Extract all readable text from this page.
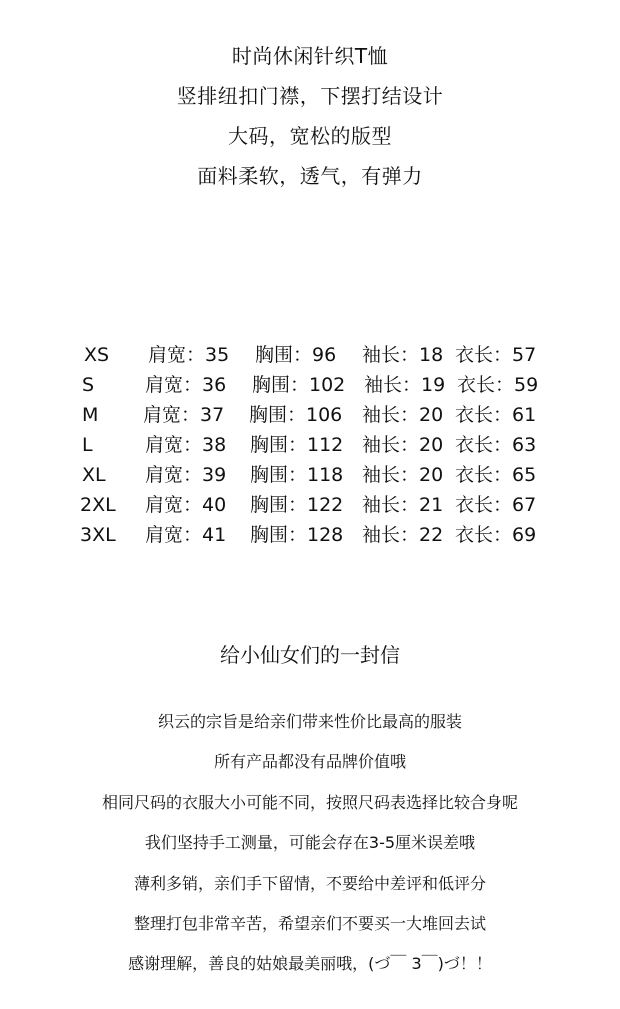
时尚休闲针织T恤
竖排纽扣门襟，下摆打结设计
大码，宽松的版型
面料柔软，透气，有弹力
XS 肩宽：35 胸围：96 袖长：18 衣长：57
S	肩宽：36 胸围：102 袖长：19 衣长：59
M 肩宽：37 胸围：106 袖长：20 衣长：61
L	肩宽：38 胸围：112 袖长：20 衣长：63
XL 肩宽：39 胸围：118 袖长：20 衣长：65
2XL 肩宽：40 胸围：122 袖长：21 衣长：67
3XL 肩宽：41 胸围：128 袖长：22 衣长：69
给小仙女们的一封信
织云的宗旨是给亲们带来性价比最高的服装
所有产品都没有品牌价值哦
相同尺码的衣服大小可能不同，按照尺码表选择比较合身呢
我们坚持手工测量，可能会存在3-5厘米误差哦
薄利多销，亲们手下留情，不要给中差评和低评分
整理打包非常辛苦，希望亲们不要买一大堆回去试
感谢理解，善良的姑娘最美丽哦，(づ￣ 3￣)づ！！
